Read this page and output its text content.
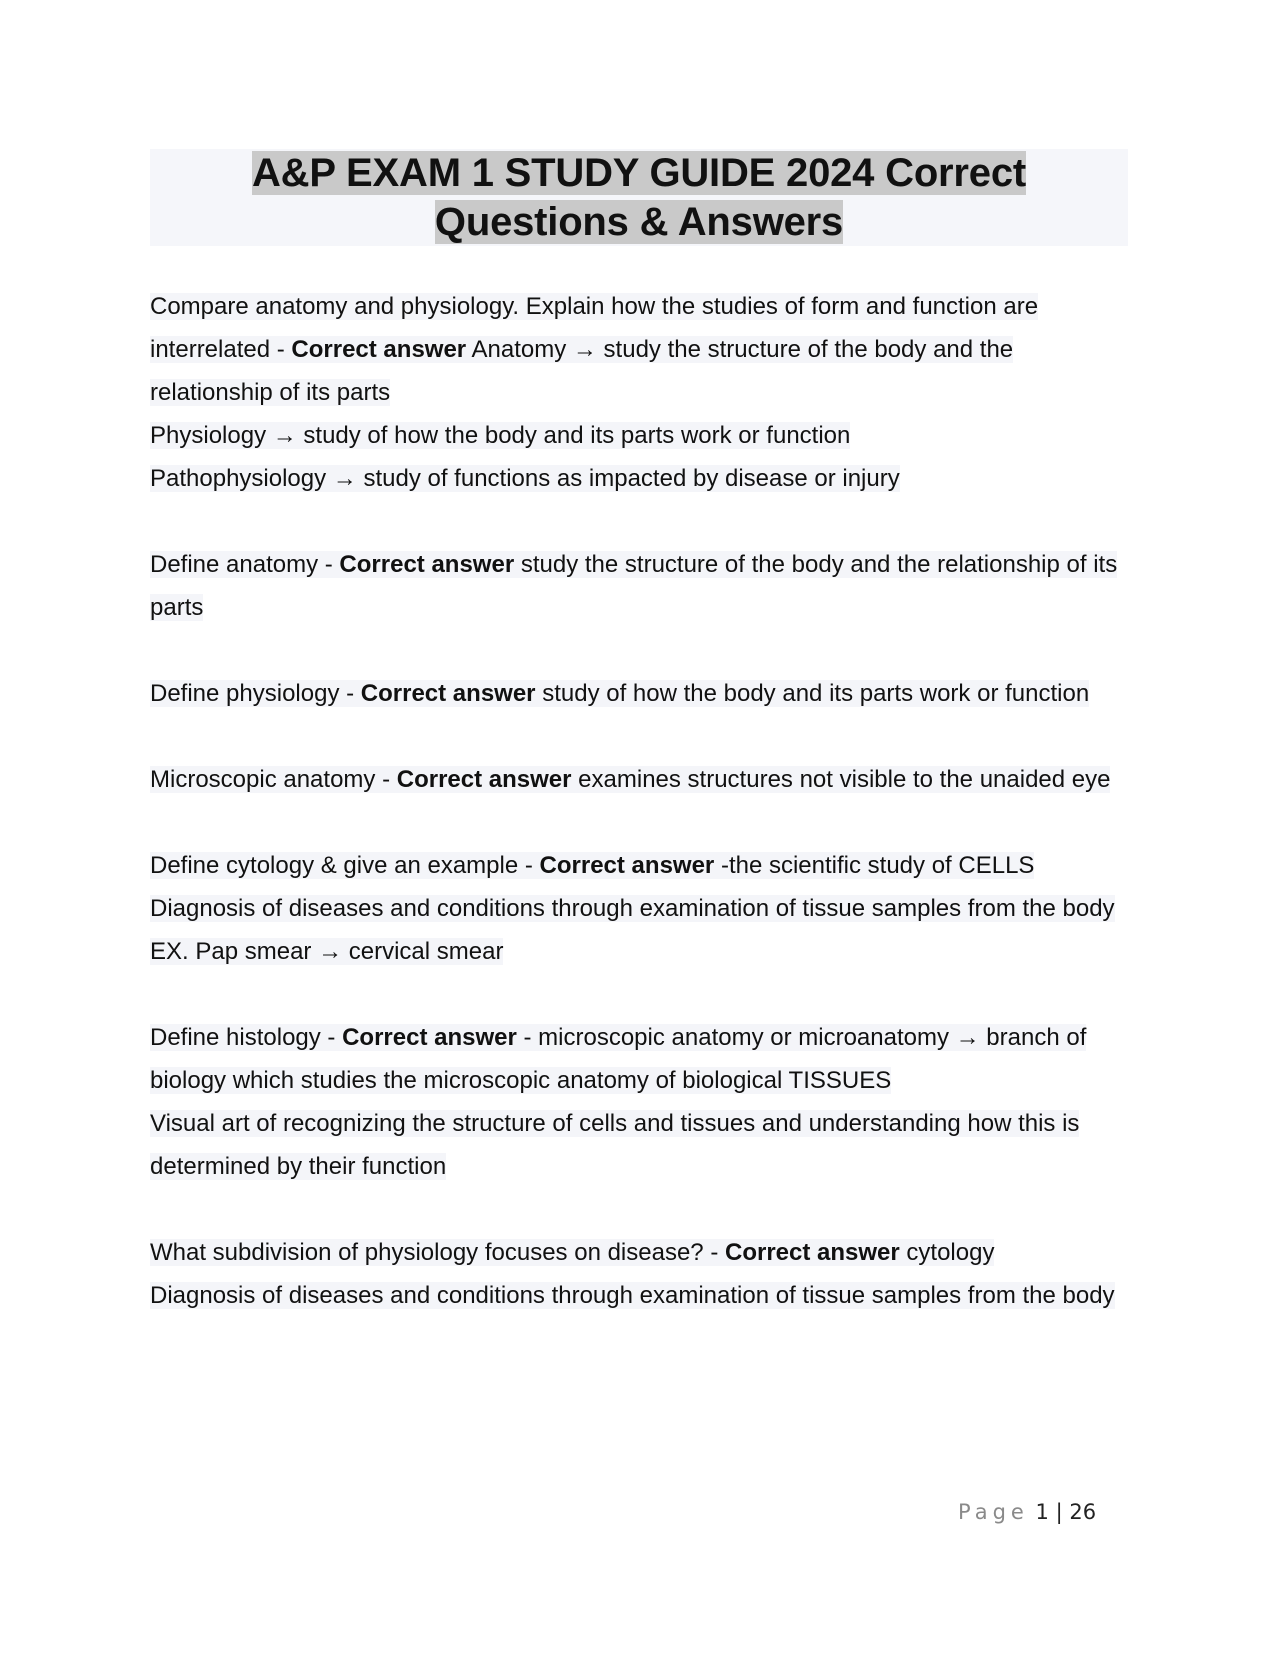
A&P EXAM 1 STUDY GUIDE 2024 Correct
Questions & Answers
Compare anatomy and physiology. Explain how the studies of form and function are interrelated - Correct answer Anatomy → study the structure of the body and the relationship of its parts
Physiology → study of how the body and its parts work or function
Pathophysiology → study of functions as impacted by disease or injury
Define anatomy - Correct answer study the structure of the body and the relationship of its parts
Define physiology - Correct answer study of how the body and its parts work or function
Microscopic anatomy - Correct answer examines structures not visible to the unaided eye
Define cytology & give an example - Correct answer -the scientific study of CELLS
Diagnosis of diseases and conditions through examination of tissue samples from the body
EX. Pap smear → cervical smear
Define histology - Correct answer - microscopic anatomy or microanatomy → branch of biology which studies the microscopic anatomy of biological TISSUES
Visual art of recognizing the structure of cells and tissues and understanding how this is determined by their function
What subdivision of physiology focuses on disease? - Correct answer cytology
Diagnosis of diseases and conditions through examination of tissue samples from the body
Page 1 | 26
